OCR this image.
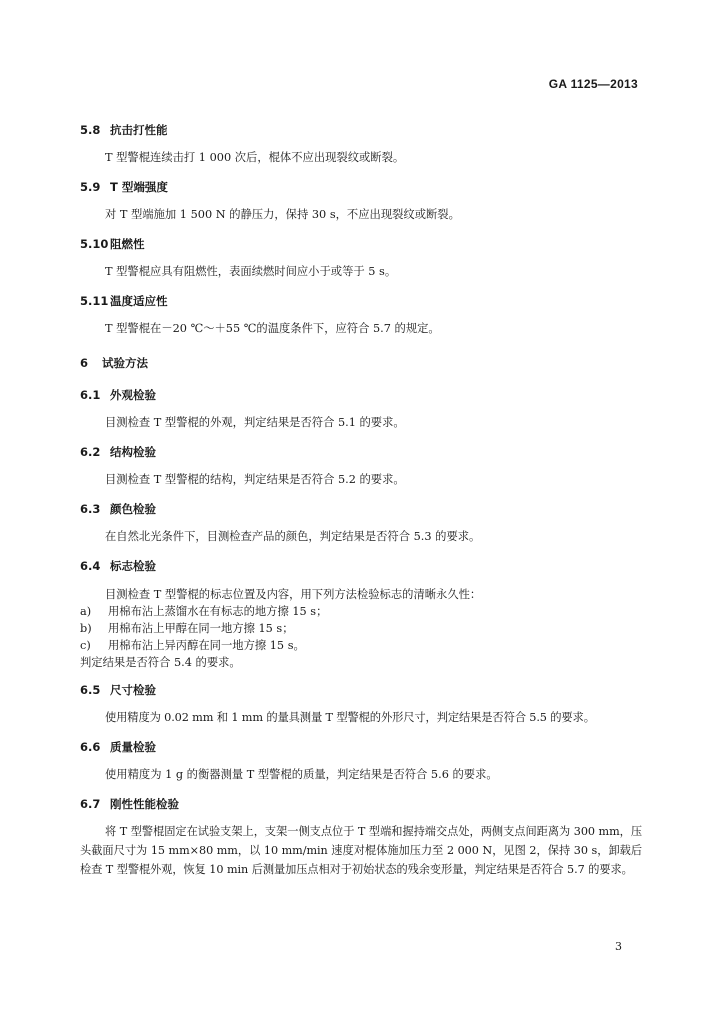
GA 1125—2013
5.8 抗击打性能

T 型警棍连续击打 1 000 次后，棍体不应出现裂纹或断裂。

5.9 T 型端强度

对 T 型端施加 1 500 N 的静压力，保持 30 s，不应出现裂纹或断裂。

5.10 阻燃性

T 型警棍应具有阻燃性，表面续燃时间应小于或等于 5 s。

5.11 温度适应性

T 型警棍在－20 ℃～＋55 ℃的温度条件下，应符合 5.7 的规定。

6 试验方法
6.1 外观检验

目测检查 T 型警棍的外观，判定结果是否符合 5.1 的要求。

6.2 结构检验

目测检查 T 型警棍的结构，判定结果是否符合 5.2 的要求。

6.3 颜色检验

在自然北光条件下，目测检查产品的颜色，判定结果是否符合 5.3 的要求。

6.4 标志检验

目测检查 T 型警棍的标志位置及内容，用下列方法检验标志的清晰永久性：

a) 用棉布沾上蒸馏水在有标志的地方擦 15 s；

b) 用棉布沾上甲醇在同一地方擦 15 s；

c) 用棉布沾上异丙醇在同一地方擦 15 s。

判定结果是否符合 5.4 的要求。

6.5 尺寸检验

使用精度为 0.02 mm 和 1 mm 的量具测量 T 型警棍的外形尺寸，判定结果是否符合 5.5 的要求。

6.6 质量检验

使用精度为 1 g 的衡器测量 T 型警棍的质量，判定结果是否符合 5.6 的要求。

6.7 刚性性能检验

将 T 型警棍固定在试验支架上，支架一侧支点位于 T 型端和握持端交点处，两侧支点间距离为 300 mm，压头截面尺寸为 15 mm×80 mm，以 10 mm/min 速度对棍体施加压力至 2 000 N，见图 2，保持 30 s，卸载后检查 T 型警棍外观，恢复 10 min 后测量加压点相对于初始状态的残余变形量，判定结果是否符合 5.7 的要求。

3
